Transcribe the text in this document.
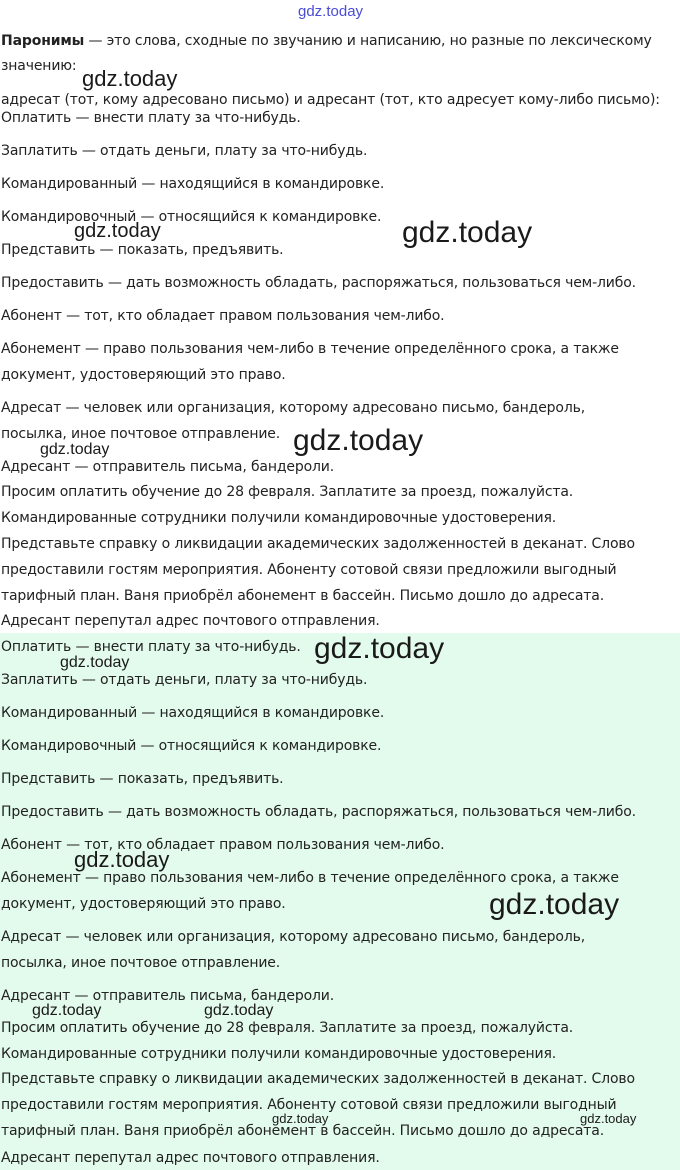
gdz.today
Паронимы — это слова, сходные по звучанию и написанию, но разные по лексическому
значению:
адресат (тот, кому адресовано письмо) и адресант (тот, кто адресует кому-либо письмо):
Оплатить — внести плату за что-нибудь.
Заплатить — отдать деньги, плату за что-нибудь.
Командированный — находящийся в командировке.
Командировочный — относящийся к командировке.
Представить — показать, предъявить.
Предоставить — дать возможность обладать, распоряжаться, пользоваться чем-либо.
Абонент — тот, кто обладает правом пользования чем-либо.
Абонемент — право пользования чем-либо в течение определённого срока, а также
документ, удостоверяющий это право.
Адресат — человек или организация, которому адресовано письмо, бандероль,
посылка, иное почтовое отправление.
Адресант — отправитель письма, бандероли.
Просим оплатить обучение до 28 февраля. Заплатите за проезд, пожалуйста.
Командированные сотрудники получили командировочные удостоверения.
Представьте справку о ликвидации академических задолженностей в деканат. Слово
предоставили гостям мероприятия. Абоненту сотовой связи предложили выгодный
тарифный план. Ваня приобрёл абонемент в бассейн. Письмо дошло до адресата.
Адресант перепутал адрес почтового отправления.
Оплатить — внести плату за что-нибудь.
Заплатить — отдать деньги, плату за что-нибудь.
Командированный — находящийся в командировке.
Командировочный — относящийся к командировке.
Представить — показать, предъявить.
Предоставить — дать возможность обладать, распоряжаться, пользоваться чем-либо.
Абонент — тот, кто обладает правом пользования чем-либо.
Абонемент — право пользования чем-либо в течение определённого срока, а также
документ, удостоверяющий это право.
Адресат — человек или организация, которому адресовано письмо, бандероль,
посылка, иное почтовое отправление.
Адресант — отправитель письма, бандероли.
Просим оплатить обучение до 28 февраля. Заплатите за проезд, пожалуйста.
Командированные сотрудники получили командировочные удостоверения.
Представьте справку о ликвидации академических задолженностей в деканат. Слово
предоставили гостям мероприятия. Абоненту сотовой связи предложили выгодный
тарифный план. Ваня приобрёл абонемент в бассейн. Письмо дошло до адресата.
Адресант перепутал адрес почтового отправления.
gdz.today
gdz.today	gdz.today
gdz.today
gdz.today
gdz.today
gdz.today
gdz.today
gdz.today
gdz.today	gdz.today
gdz.today	gdz.today
